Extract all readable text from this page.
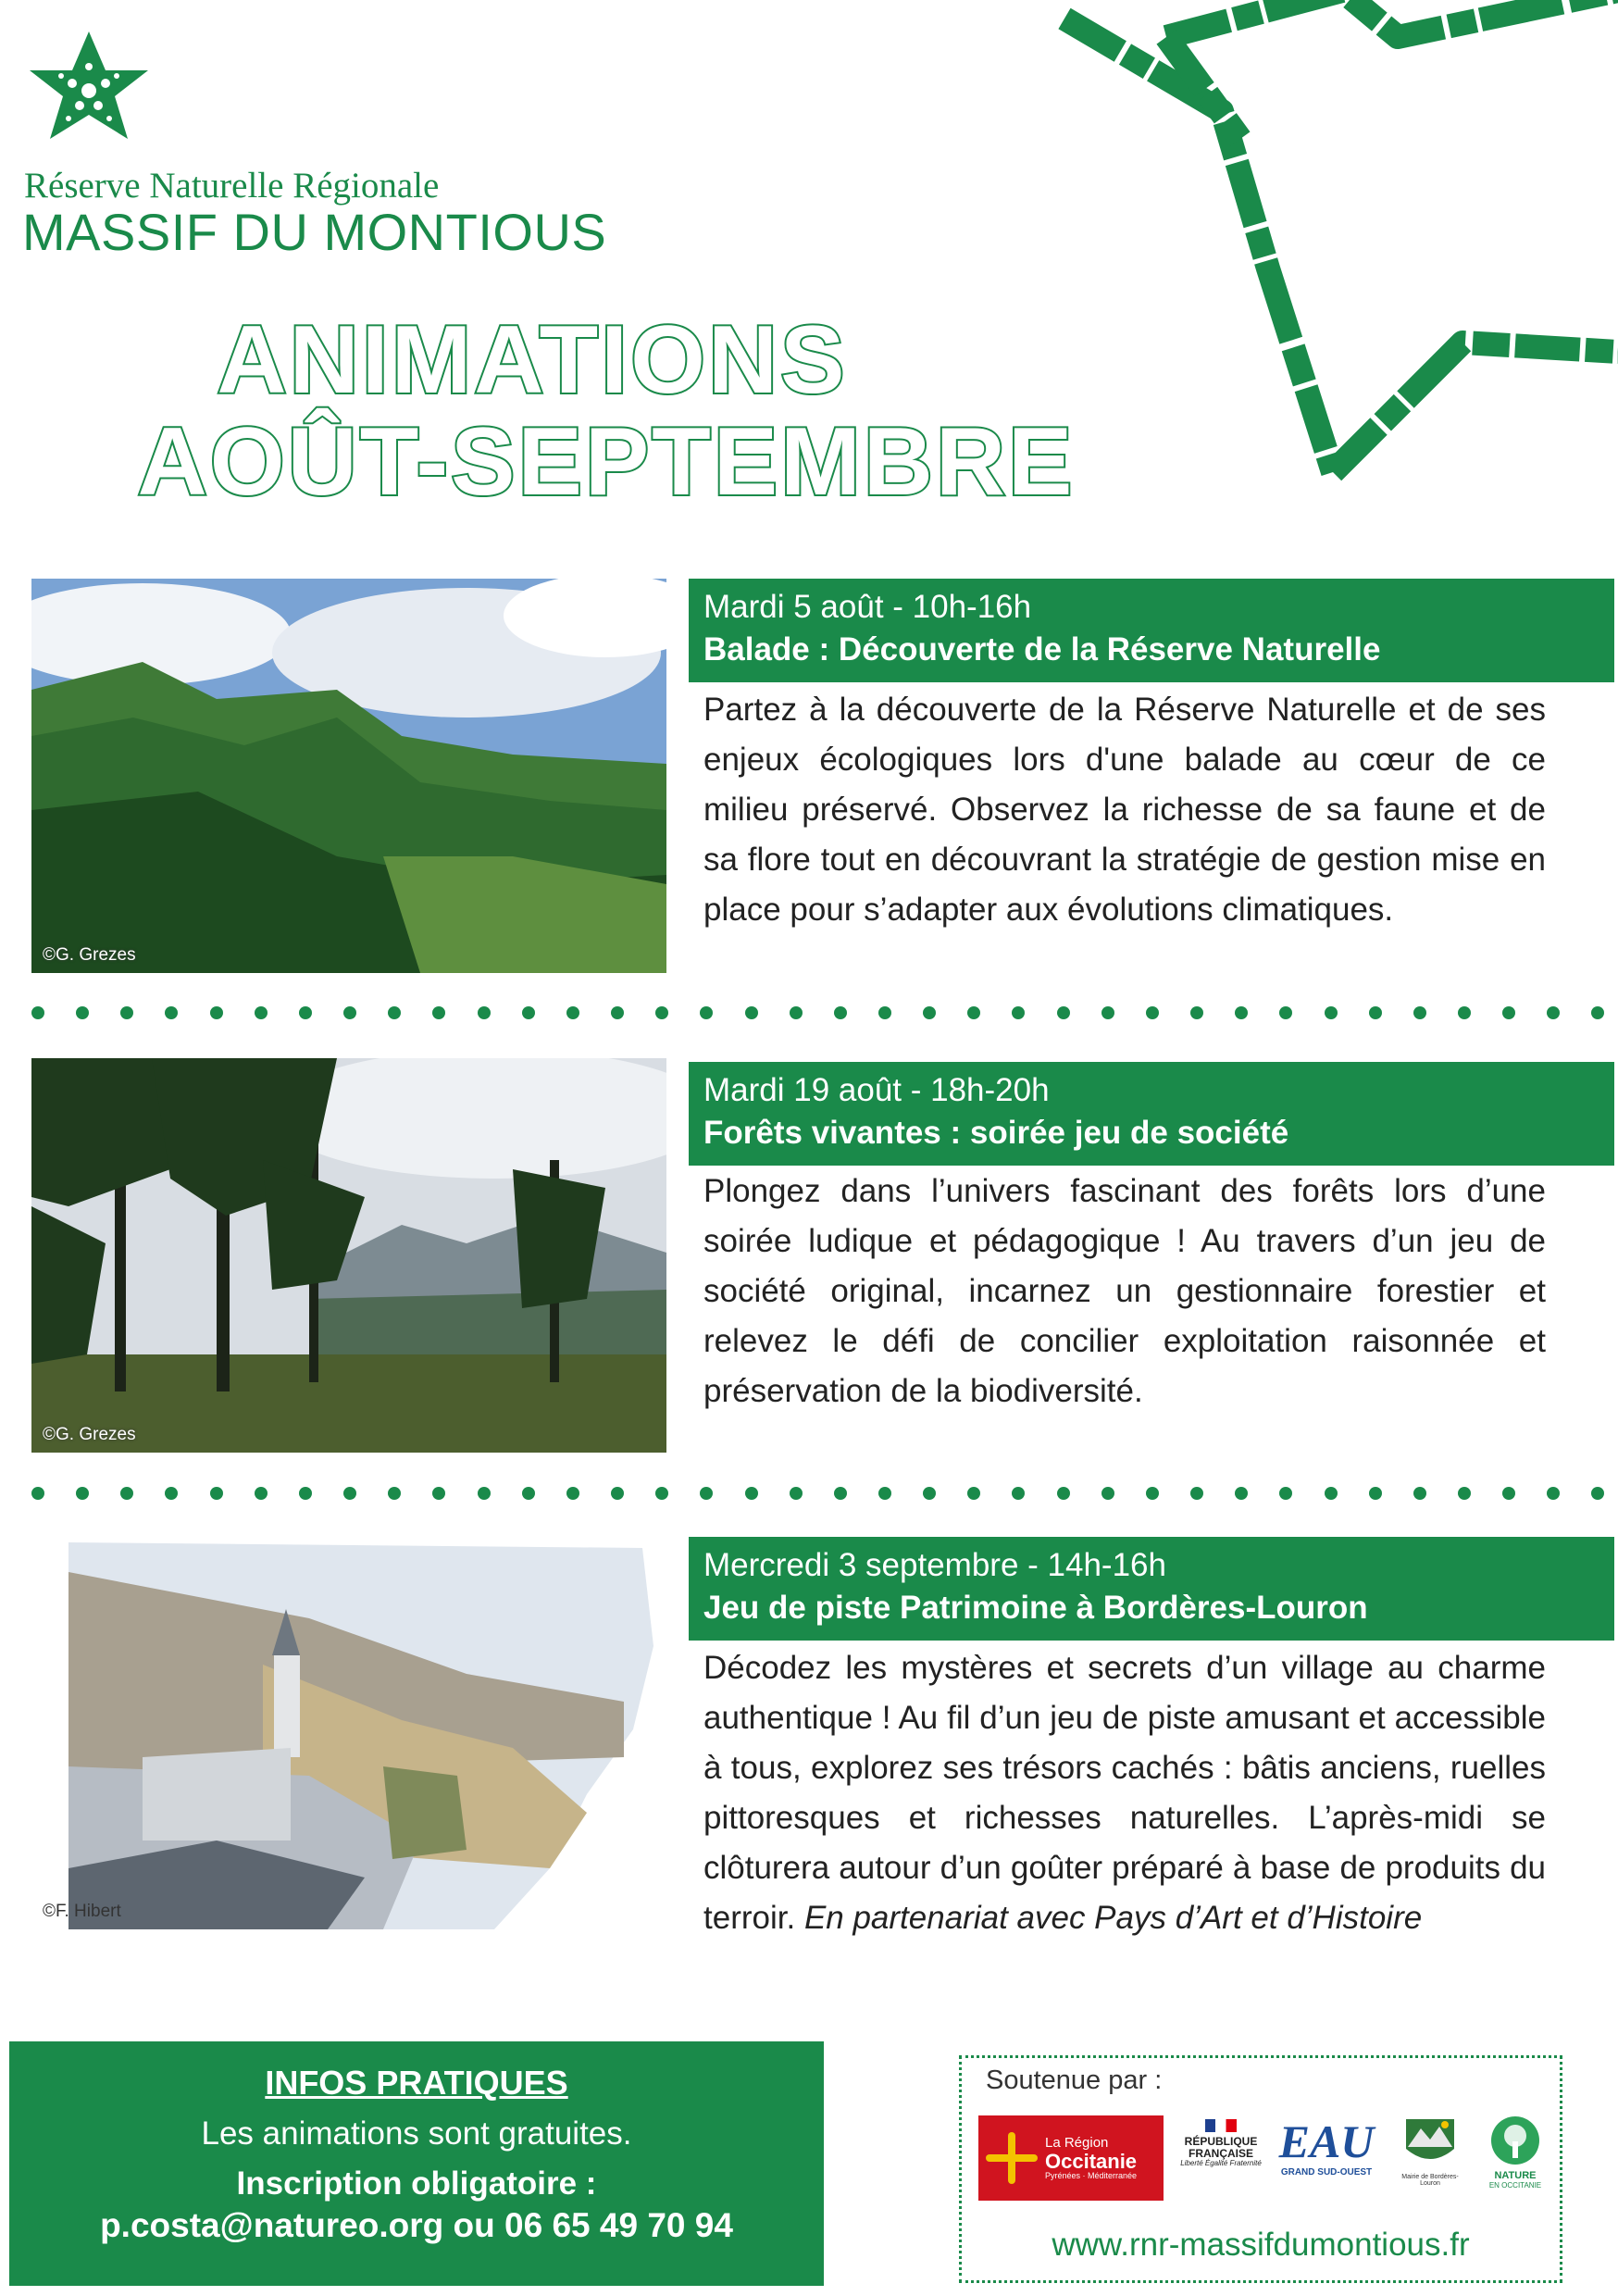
Réserve Naturelle Régionale
MASSIF DU MONTIOUS
ANIMATIONS
AOÛT-SEPTEMBRE
©G. Grezes
Mardi 5 août - 10h-16h
Balade : Découverte de la Réserve Naturelle
Partez à la découverte de la Réserve Naturelle et de ses enjeux écologiques lors d'une balade au cœur de ce milieu préservé. Observez la richesse de sa faune et de sa flore tout en découvrant la stratégie de gestion mise en place pour s’adapter aux évolutions climatiques.
©G. Grezes
Mardi 19 août - 18h-20h
Forêts vivantes : soirée jeu de société
Plongez dans l’univers fascinant des forêts lors d’une soirée ludique et pédagogique ! Au travers d’un jeu de société original, incarnez un gestionnaire forestier et relevez le défi de concilier exploitation raisonnée et préservation de la biodiversité.
©F. Hibert
Mercredi 3 septembre - 14h-16h
Jeu de piste Patrimoine à Bordères-Louron
Décodez les mystères et secrets d’un village au charme authentique ! Au fil d’un jeu de piste amusant et accessible à tous, explorez ses trésors cachés : bâtis anciens, ruelles pittoresques et richesses naturelles. L’après-midi se clôturera autour d’un goûter préparé à base de produits du terroir. En partenariat avec Pays d’Art et d’Histoire
INFOS PRATIQUES
Les animations sont gratuites.
Inscription obligatoire :
p.costa@natureo.org ou 06 65 49 70 94
Soutenue par :
La Région
Occitanie
Pyrénées · Méditerranée
RÉPUBLIQUE
FRANÇAISE
Liberté Égalité Fraternité EAU
GRAND SUD-OUEST	Mairie de Bordères-Louron
NATURE
EN OCCITANIE
www.rnr-massifdumontious.fr
